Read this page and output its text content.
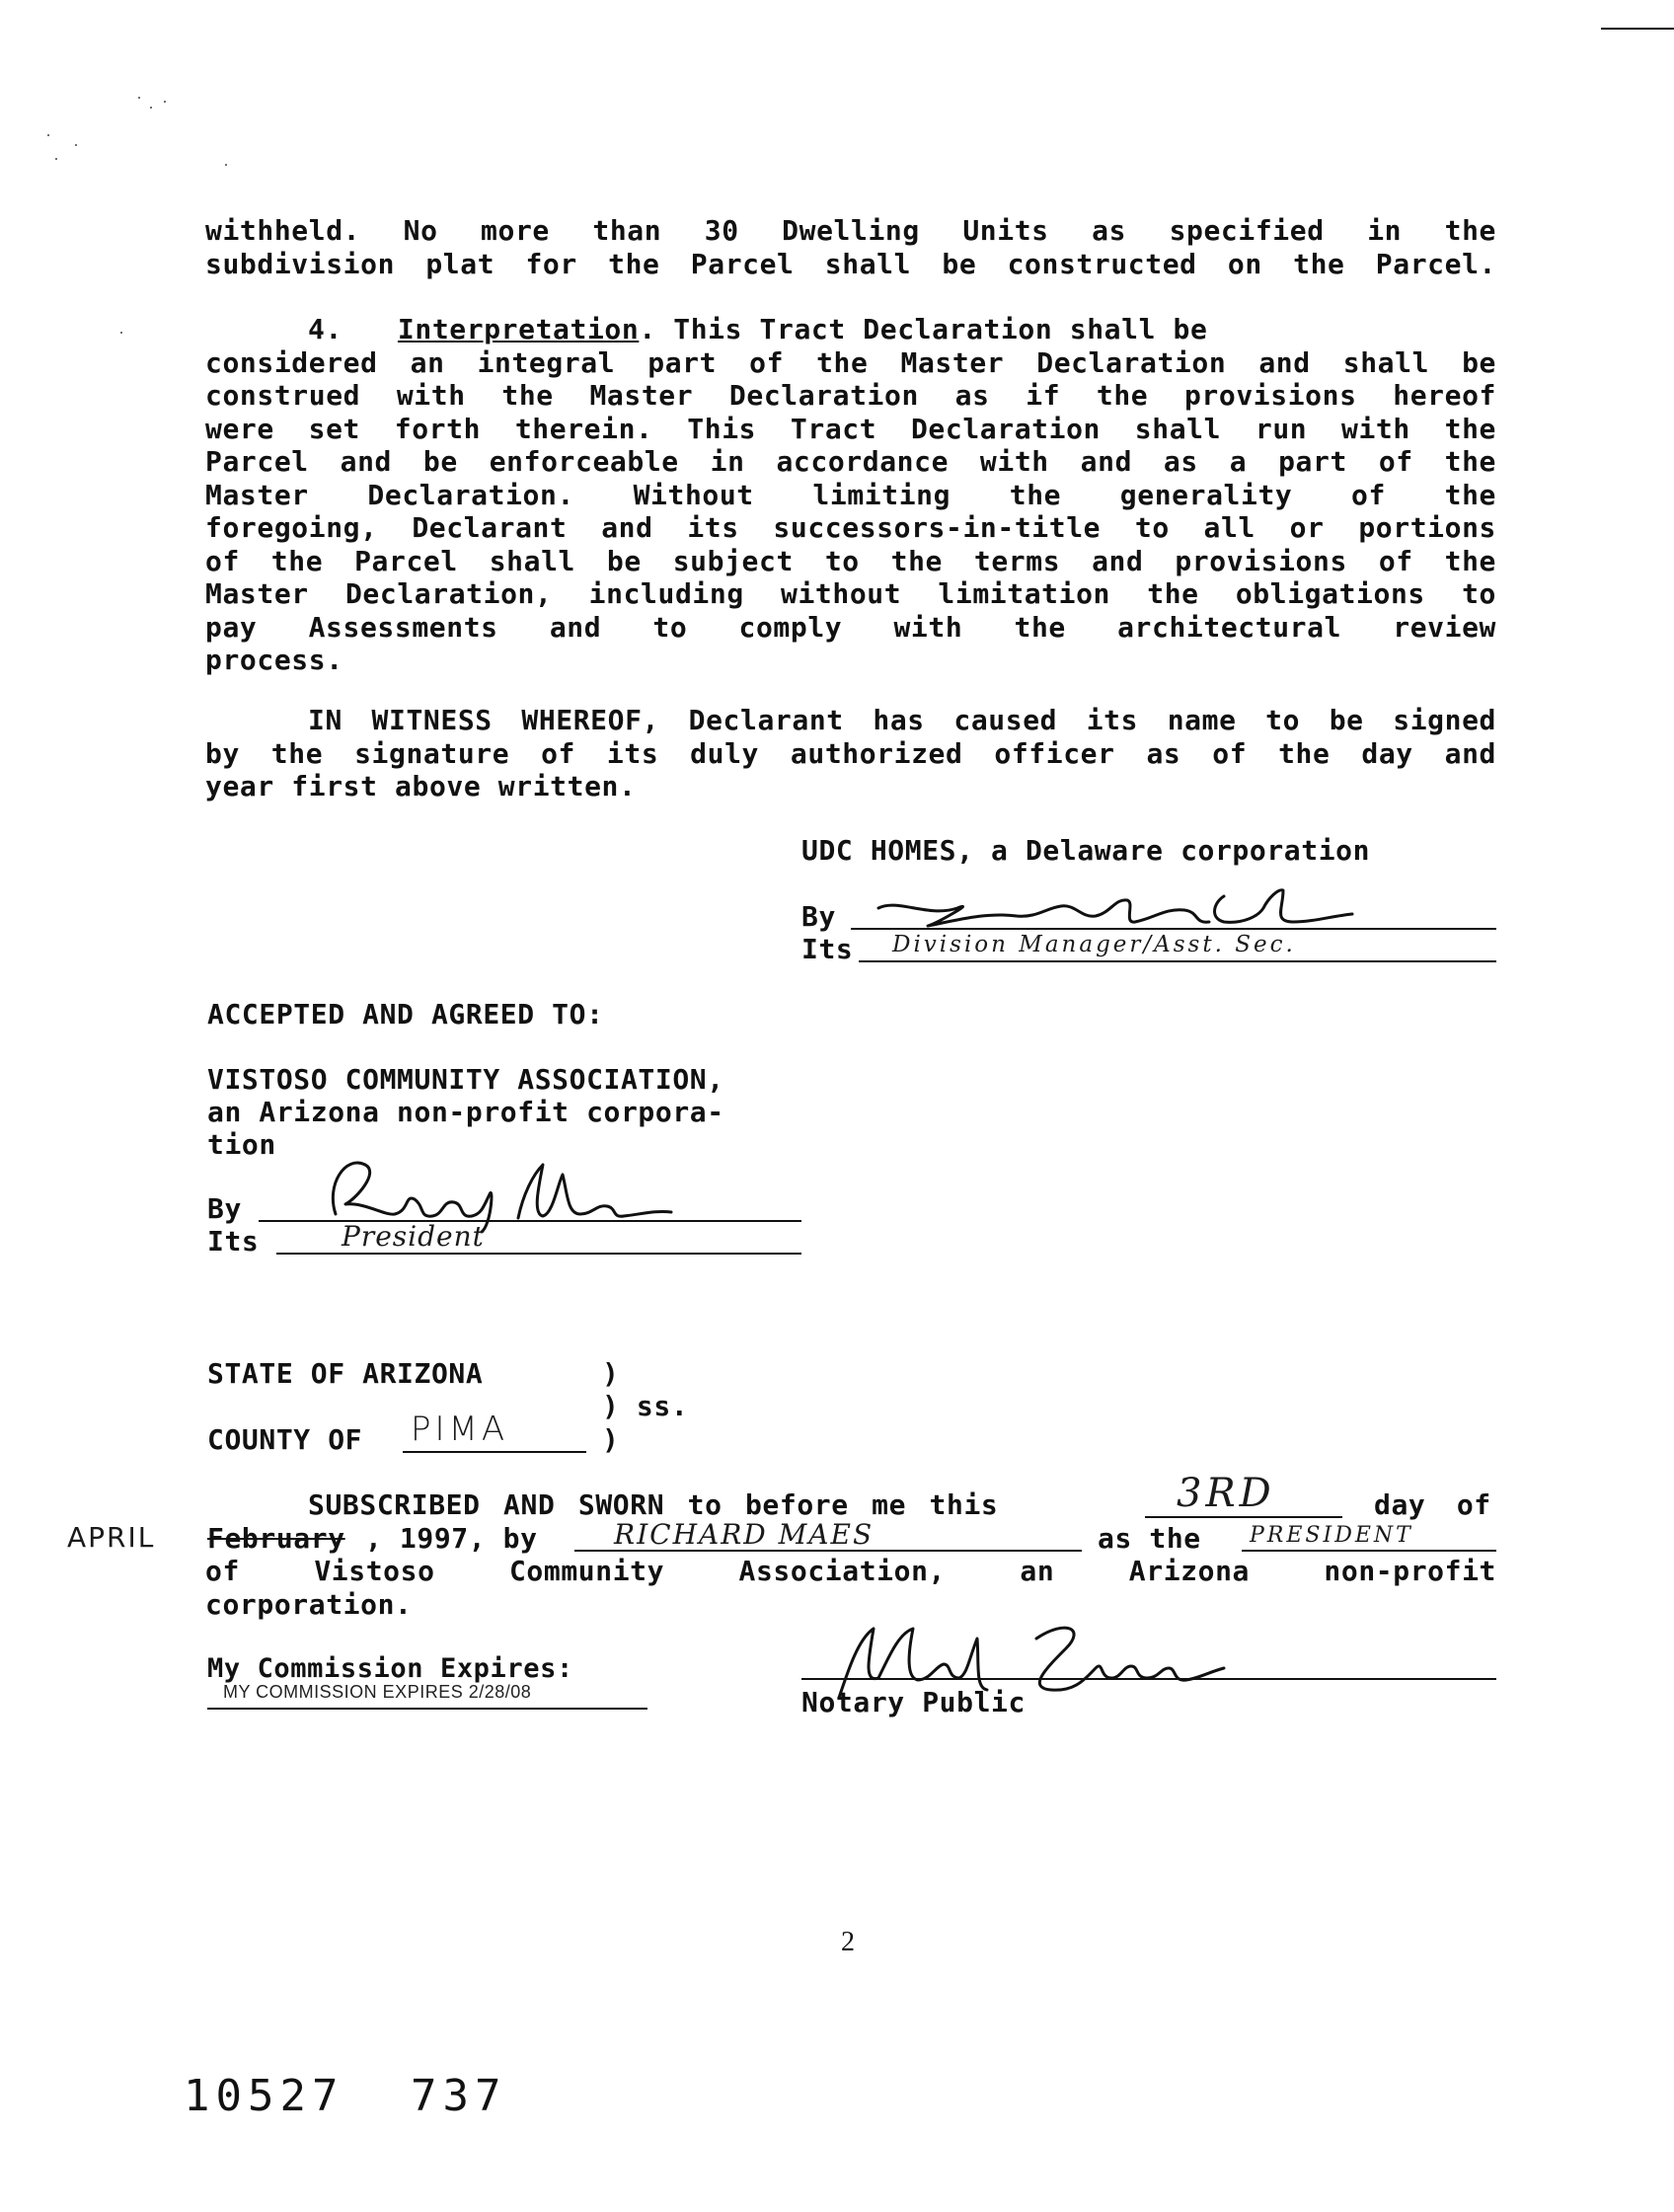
withheld. No more than 30 Dwelling Units as specified in the
subdivision plat for the Parcel shall be constructed on the Parcel.
4. Interpretation . This Tract Declaration shall be
considered an integral part of the Master Declaration and shall be
construed with the Master Declaration as if the provisions hereof
were set forth therein. This Tract Declaration shall run with the
Parcel and be enforceable in accordance with and as a part of the
Master Declaration. Without limiting the generality of the
foregoing, Declarant and its successors-in-title to all or portions
of the Parcel shall be subject to the terms and provisions of the
Master Declaration, including without limitation the obligations to
pay Assessments and to comply with the architectural review
process.
IN WITNESS WHEREOF, Declarant has caused its name to be signed
by the signature of its duly authorized officer as of the day and
year first above written.
UDC HOMES, a Delaware corporation
By
Its Division Manager/Asst. Sec.
ACCEPTED AND AGREED TO:
VISTOSO COMMUNITY ASSOCIATION,
an Arizona non-profit corpora-
tion
By
Its	President
STATE OF ARIZONA	)
) ss.
COUNTY OF PIMA	)
SUBSCRIBED AND SWORN to before me this	3RD	day of
APRIL February , 1997, by	RICHARD MAES	as the PRESIDENT
of Vistoso Community Association, an Arizona non-profit
corporation.
My Commission Expires:
MY COMMISSION EXPIRES 2/28/08	Notary Public
2
10527 737
